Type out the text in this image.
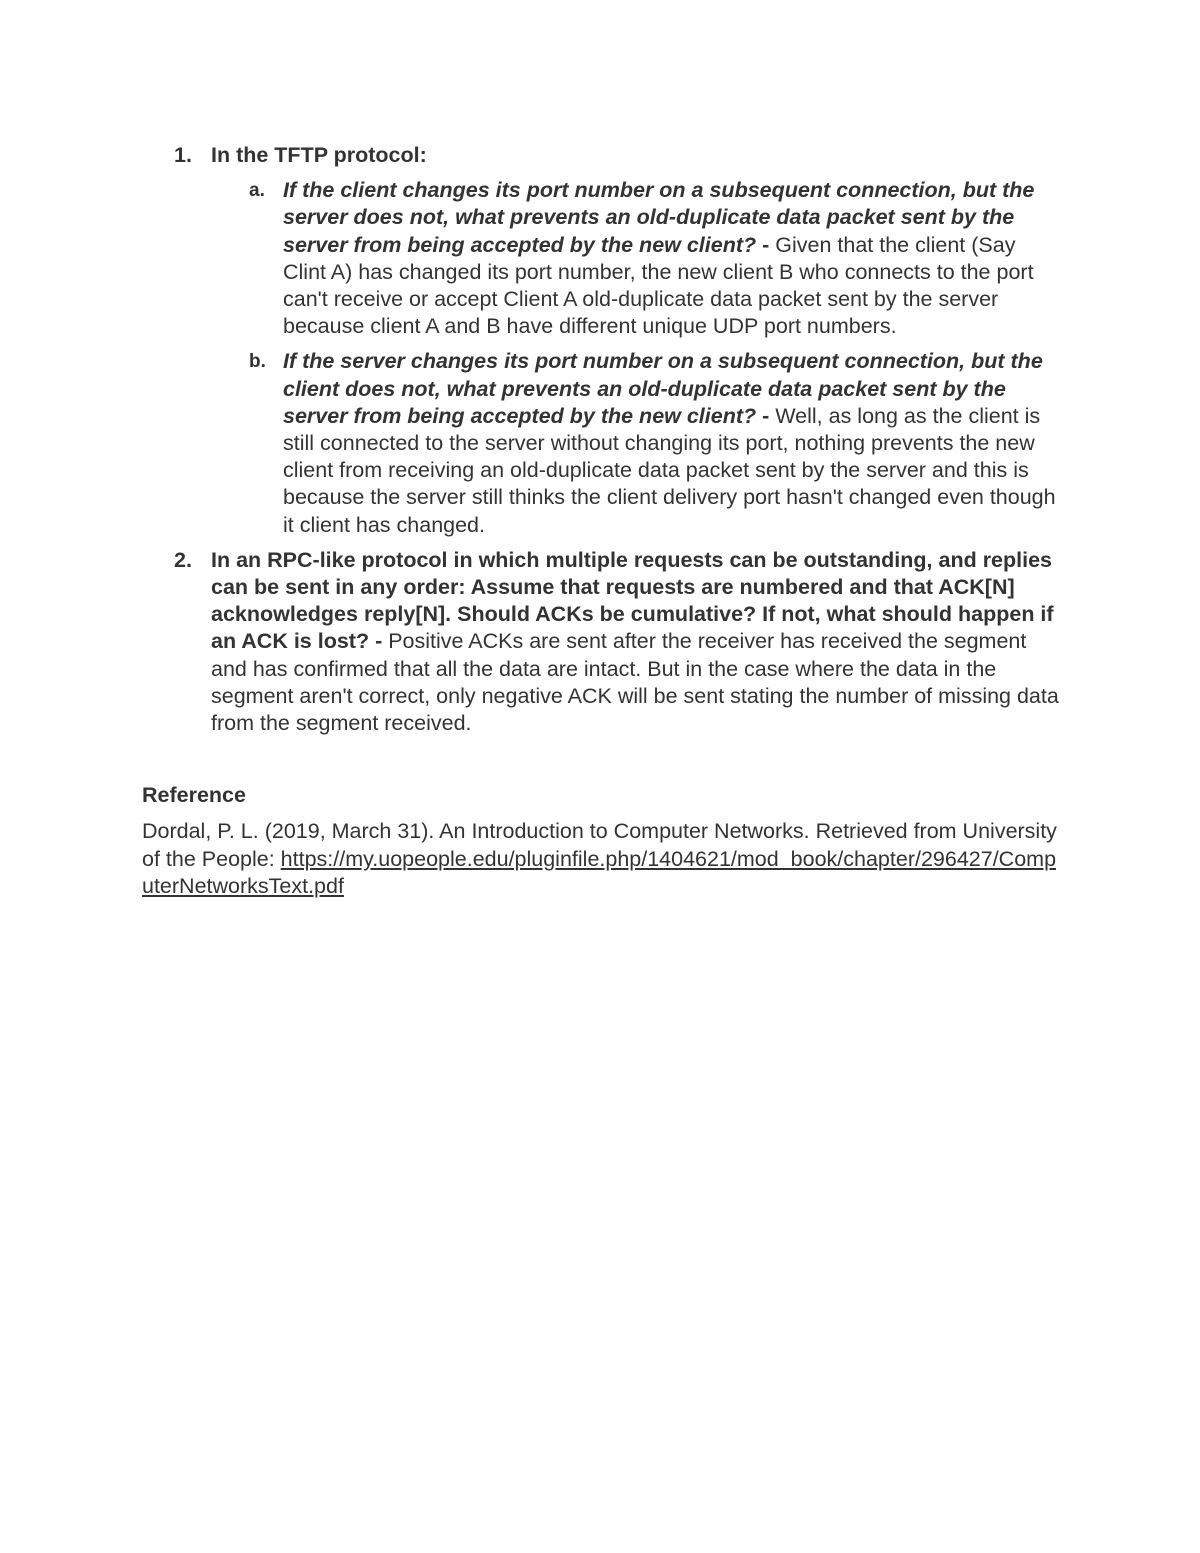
1. In the TFTP protocol:
a. If the client changes its port number on a subsequent connection, but the server does not, what prevents an old-duplicate data packet sent by the server from being accepted by the new client? - Given that the client (Say Clint A) has changed its port number, the new client B who connects to the port can't receive or accept Client A old-duplicate data packet sent by the server because client A and B have different unique UDP port numbers.
b. If the server changes its port number on a subsequent connection, but the client does not, what prevents an old-duplicate data packet sent by the server from being accepted by the new client? - Well, as long as the client is still connected to the server without changing its port, nothing prevents the new client from receiving an old-duplicate data packet sent by the server and this is because the server still thinks the client delivery port hasn't changed even though it client has changed.
2. In an RPC-like protocol in which multiple requests can be outstanding, and replies can be sent in any order: Assume that requests are numbered and that ACK[N] acknowledges reply[N]. Should ACKs be cumulative? If not, what should happen if an ACK is lost? - Positive ACKs are sent after the receiver has received the segment and has confirmed that all the data are intact. But in the case where the data in the segment aren't correct, only negative ACK will be sent stating the number of missing data from the segment received.
Reference
Dordal, P. L. (2019, March 31). An Introduction to Computer Networks. Retrieved from University of the People: https://my.uopeople.edu/pluginfile.php/1404621/mod_book/chapter/296427/ComputerNetworksText.pdf
